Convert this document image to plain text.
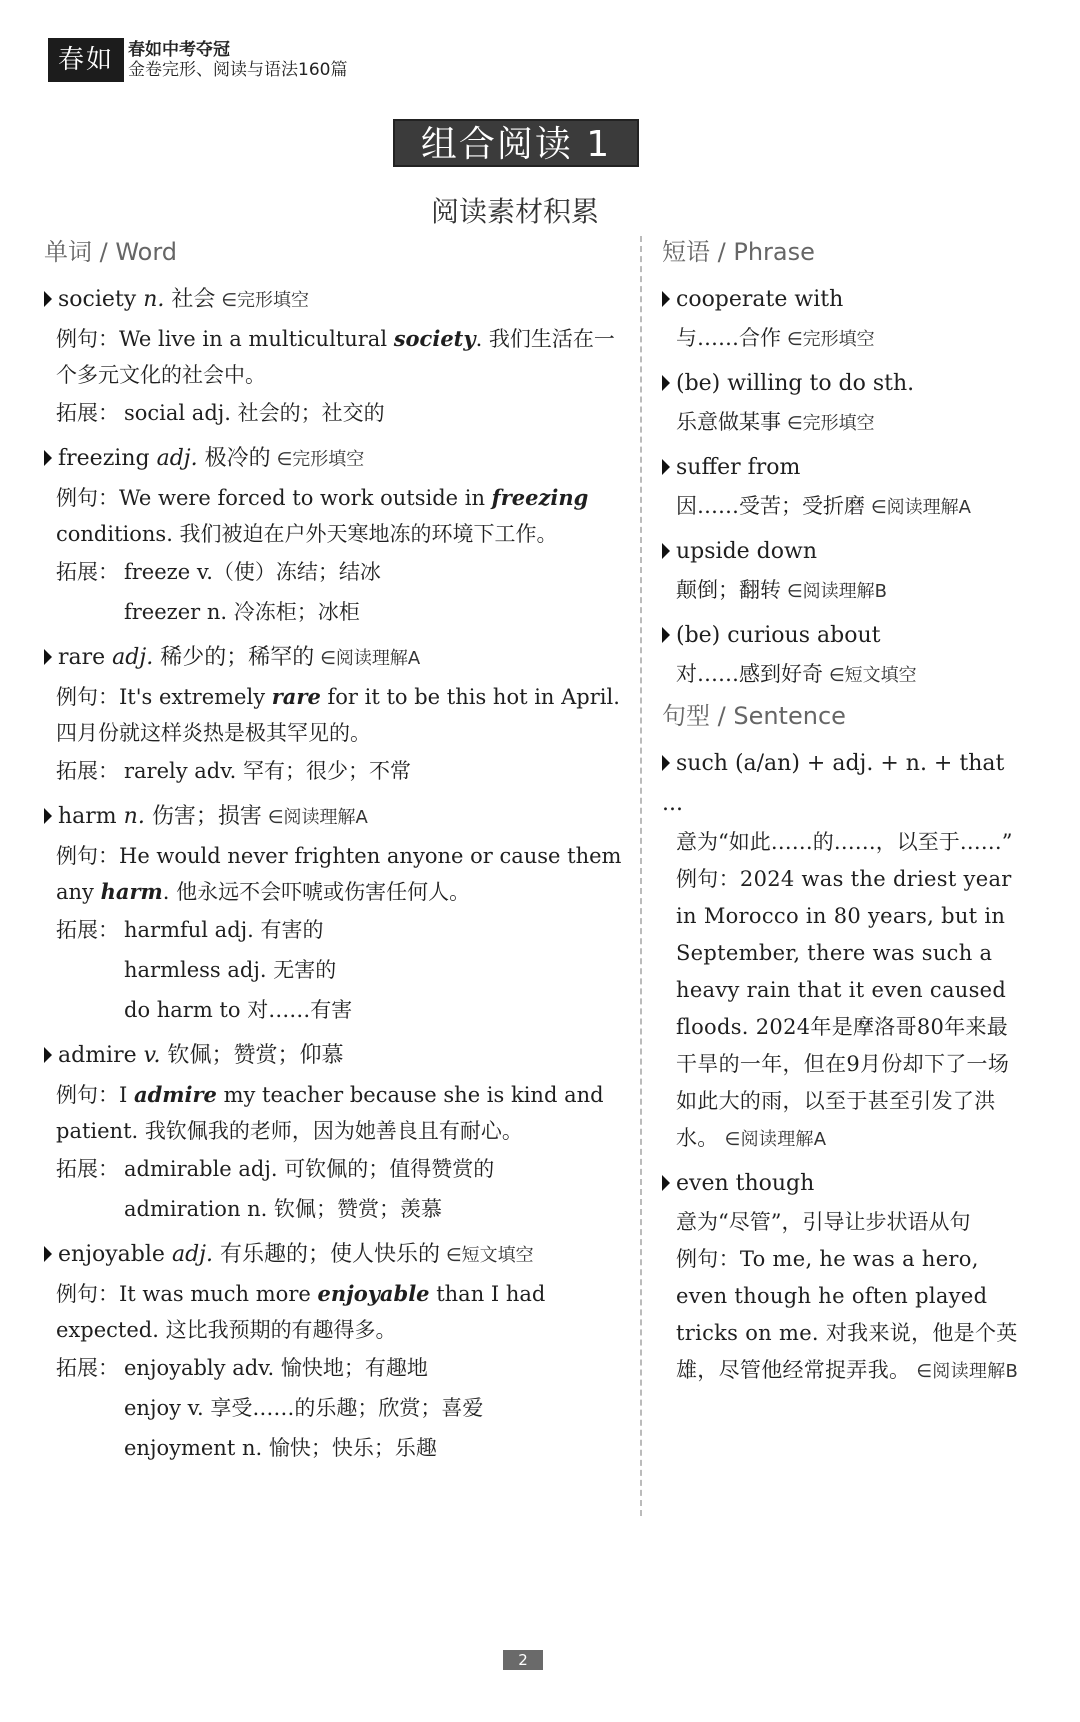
春如 春如中考夺冠
金卷完形、阅读与语法160篇
组合阅读 1
阅读素材积累
单词 / Word
society n. 社会 ∈完形填空
例句：We live in a multicultural society. 我们生活在一个多元文化的社会中。
拓展： social adj. 社会的；社交的
freezing adj. 极冷的 ∈完形填空
例句：We were forced to work outside in freezing conditions. 我们被迫在户外天寒地冻的环境下工作。
拓展： freeze v.（使）冻结；结冰
freezer n. 冷冻柜；冰柜
rare adj. 稀少的；稀罕的 ∈阅读理解A
例句：It's extremely rare for it to be this hot in April. 四月份就这样炎热是极其罕见的。
拓展： rarely adv. 罕有；很少；不常
harm n. 伤害；损害 ∈阅读理解A
例句：He would never frighten anyone or cause them any harm. 他永远不会吓唬或伤害任何人。
拓展： harmful adj. 有害的
harmless adj. 无害的
do harm to 对……有害
admire v. 钦佩；赞赏；仰慕
例句：I admire my teacher because she is kind and patient. 我钦佩我的老师，因为她善良且有耐心。
拓展： admirable adj. 可钦佩的；值得赞赏的
admiration n. 钦佩；赞赏；羡慕
enjoyable adj. 有乐趣的；使人快乐的 ∈短文填空
例句：It was much more enjoyable than I had expected. 这比我预期的有趣得多。
拓展： enjoyably adv. 愉快地；有趣地
enjoy v. 享受……的乐趣；欣赏；喜爱
enjoyment n. 愉快；快乐；乐趣
短语 / Phrase
cooperate with
与……合作 ∈完形填空
(be) willing to do sth.
乐意做某事 ∈完形填空
suffer from
因……受苦；受折磨 ∈阅读理解A
upside down
颠倒；翻转 ∈阅读理解B
(be) curious about
对……感到好奇 ∈短文填空
句型 / Sentence
such (a/an) + adj. + n. + that ...
意为“如此……的……，以至于……”
例句：2024 was the driest year in Morocco in 80 years, but in September, there was such a heavy rain that it even caused floods. 2024年是摩洛哥80年来最干旱的一年，但在9月份却下了一场如此大的雨，以至于甚至引发了洪水。 ∈阅读理解A
even though
意为“尽管”，引导让步状语从句
例句：To me, he was a hero, even though he often played tricks on me. 对我来说，他是个英雄，尽管他经常捉弄我。 ∈阅读理解B
2
